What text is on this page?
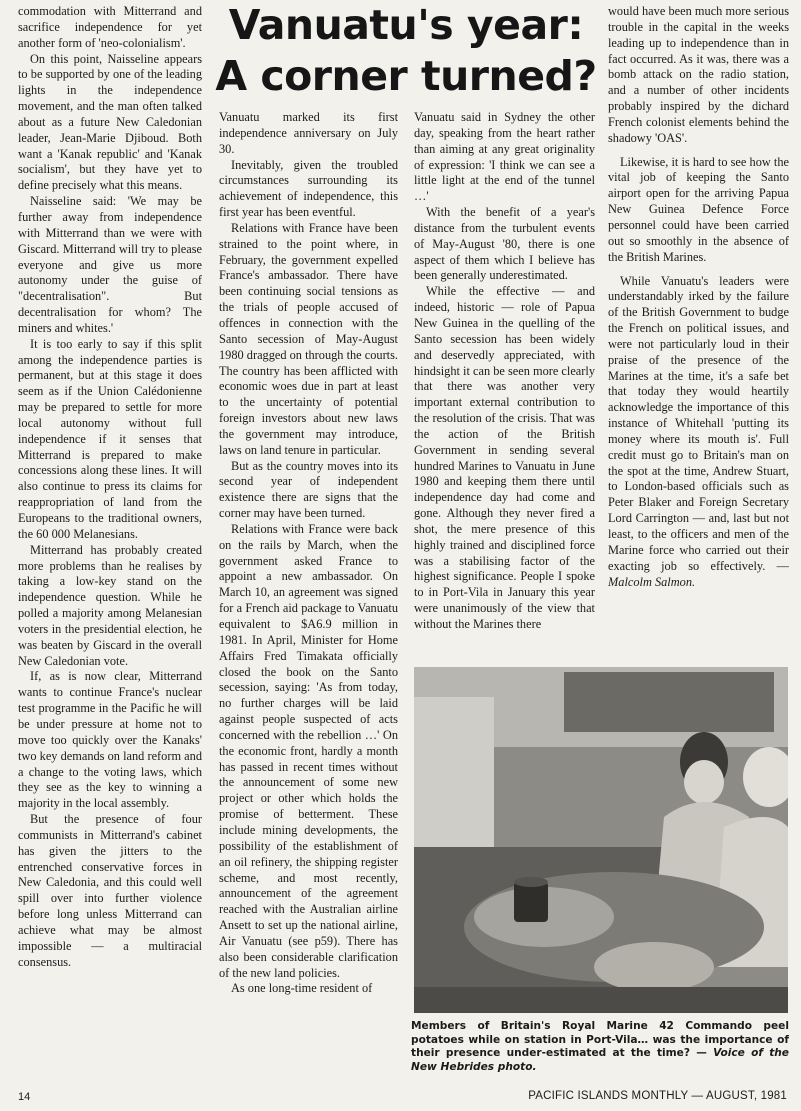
commodation with Mitterrand and sacrifice independence for yet another form of 'neo-colonialism'.

On this point, Naisseline appears to be supported by one of the leading lights in the independence movement, and the man often talked about as a future New Caledonian leader, Jean-Marie Djiboud. Both want a 'Kanak republic' and 'Kanak socialism', but they have yet to define precisely what this means.

Naisseline said: 'We may be further away from independence with Mitterrand than we were with Giscard. Mitterrand will try to please everyone and give us more autonomy under the guise of "decentralisation". But decentralisation for whom? The miners and whites.'

It is too early to say if this split among the independence parties is permanent, but at this stage it does seem as if the Union Calédonienne may be prepared to settle for more local autonomy without full independence if it senses that Mitterrand is prepared to make concessions along these lines. It will also continue to press its claims for reappropriation of land from the Europeans to the traditional owners, the 60 000 Melanesians.

Mitterrand has probably created more problems than he realises by taking a low-key stand on the independence question. While he polled a majority among Melanesian voters in the presidential election, he was beaten by Giscard in the overall New Caledonian vote.

If, as is now clear, Mitterrand wants to continue France's nuclear test programme in the Pacific he will be under pressure at home not to move too quickly over the Kanaks' two key demands on land reform and a change to the voting laws, which they see as the key to winning a majority in the local assembly.

But the presence of four communists in Mitterrand's cabinet has given the jitters to the entrenched conservative forces in New Caledonia, and this could well spill over into further violence before long unless Mitterrand can achieve what may be almost impossible — a multiracial consensus.

Vanuatu's year:
A corner turned?

Vanuatu marked its first independence anniversary on July 30.

Inevitably, given the troubled circumstances surrounding its achievement of independence, this first year has been eventful.

Relations with France have been strained to the point where, in February, the government expelled France's ambassador. There have been continuing social tensions as the trials of people accused of offences in connection with the Santo secession of May-August 1980 dragged on through the courts. The country has been afflicted with economic woes due in part at least to the uncertainty of potential foreign investors about new laws the government may introduce, laws on land tenure in particular.

But as the country moves into its second year of independent existence there are signs that the corner may have been turned.

Relations with France were back on the rails by March, when the government asked France to appoint a new ambassador. On March 10, an agreement was signed for a French aid package to Vanuatu equivalent to $A6.9 million in 1981. In April, Minister for Home Affairs Fred Timakata officially closed the book on the Santo secession, saying: 'As from today, no further charges will be laid against people suspected of acts concerned with the rebellion …' On the economic front, hardly a month has passed in recent times without the announcement of some new project or other which holds the promise of betterment. These include mining developments, the possibility of the establishment of an oil refinery, the shipping register scheme, and most recently, announcement of the agreement reached with the Australian airline Ansett to set up the national airline, Air Vanuatu (see p59). There has also been considerable clarification of the new land policies.

As one long-time resident of

Vanuatu said in Sydney the other day, speaking from the heart rather than aiming at any great originality of expression: 'I think we can see a little light at the end of the tunnel …'

With the benefit of a year's distance from the turbulent events of May-August '80, there is one aspect of them which I believe has been generally underestimated.

While the effective — and indeed, historic — role of Papua New Guinea in the quelling of the Santo secession has been widely and deservedly appreciated, with hindsight it can be seen more clearly that there was another very important external contribution to the resolution of the crisis. That was the action of the British Government in sending several hundred Marines to Vanuatu in June 1980 and keeping them there until independence day had come and gone. Although they never fired a shot, the mere presence of this highly trained and disciplined force was a stabilising factor of the highest significance. People I spoke to in Port-Vila in January this year were unanimously of the view that without the Marines there

would have been much more serious trouble in the capital in the weeks leading up to independence than in fact occurred. As it was, there was a bomb attack on the radio station, and a number of other incidents probably inspired by the dichard French colonist elements behind the shadowy 'OAS'.

Likewise, it is hard to see how the vital job of keeping the Santo airport open for the arriving Papua New Guinea Defence Force personnel could have been carried out so smoothly in the absence of the British Marines.

While Vanuatu's leaders were understandably irked by the failure of the British Government to budge the French on political issues, and were not particularly loud in their praise of the presence of the Marines at the time, it's a safe bet that today they would heartily acknowledge the importance of this instance of Whitehall 'putting its money where its mouth is'. Full credit must go to Britain's man on the spot at the time, Andrew Stuart, to London-based officials such as Peter Blaker and Foreign Secretary Lord Carrington — and, last but not least, to the officers and men of the Marine force who carried out their exacting job so effectively. — Malcolm Salmon.

Members of Britain's Royal Marine 42 Commando peel potatoes while on station in Port-Vila… was the importance of their presence under-estimated at the time? — Voice of the New Hebrides photo.
14	PACIFIC ISLANDS MONTHLY — AUGUST, 1981
